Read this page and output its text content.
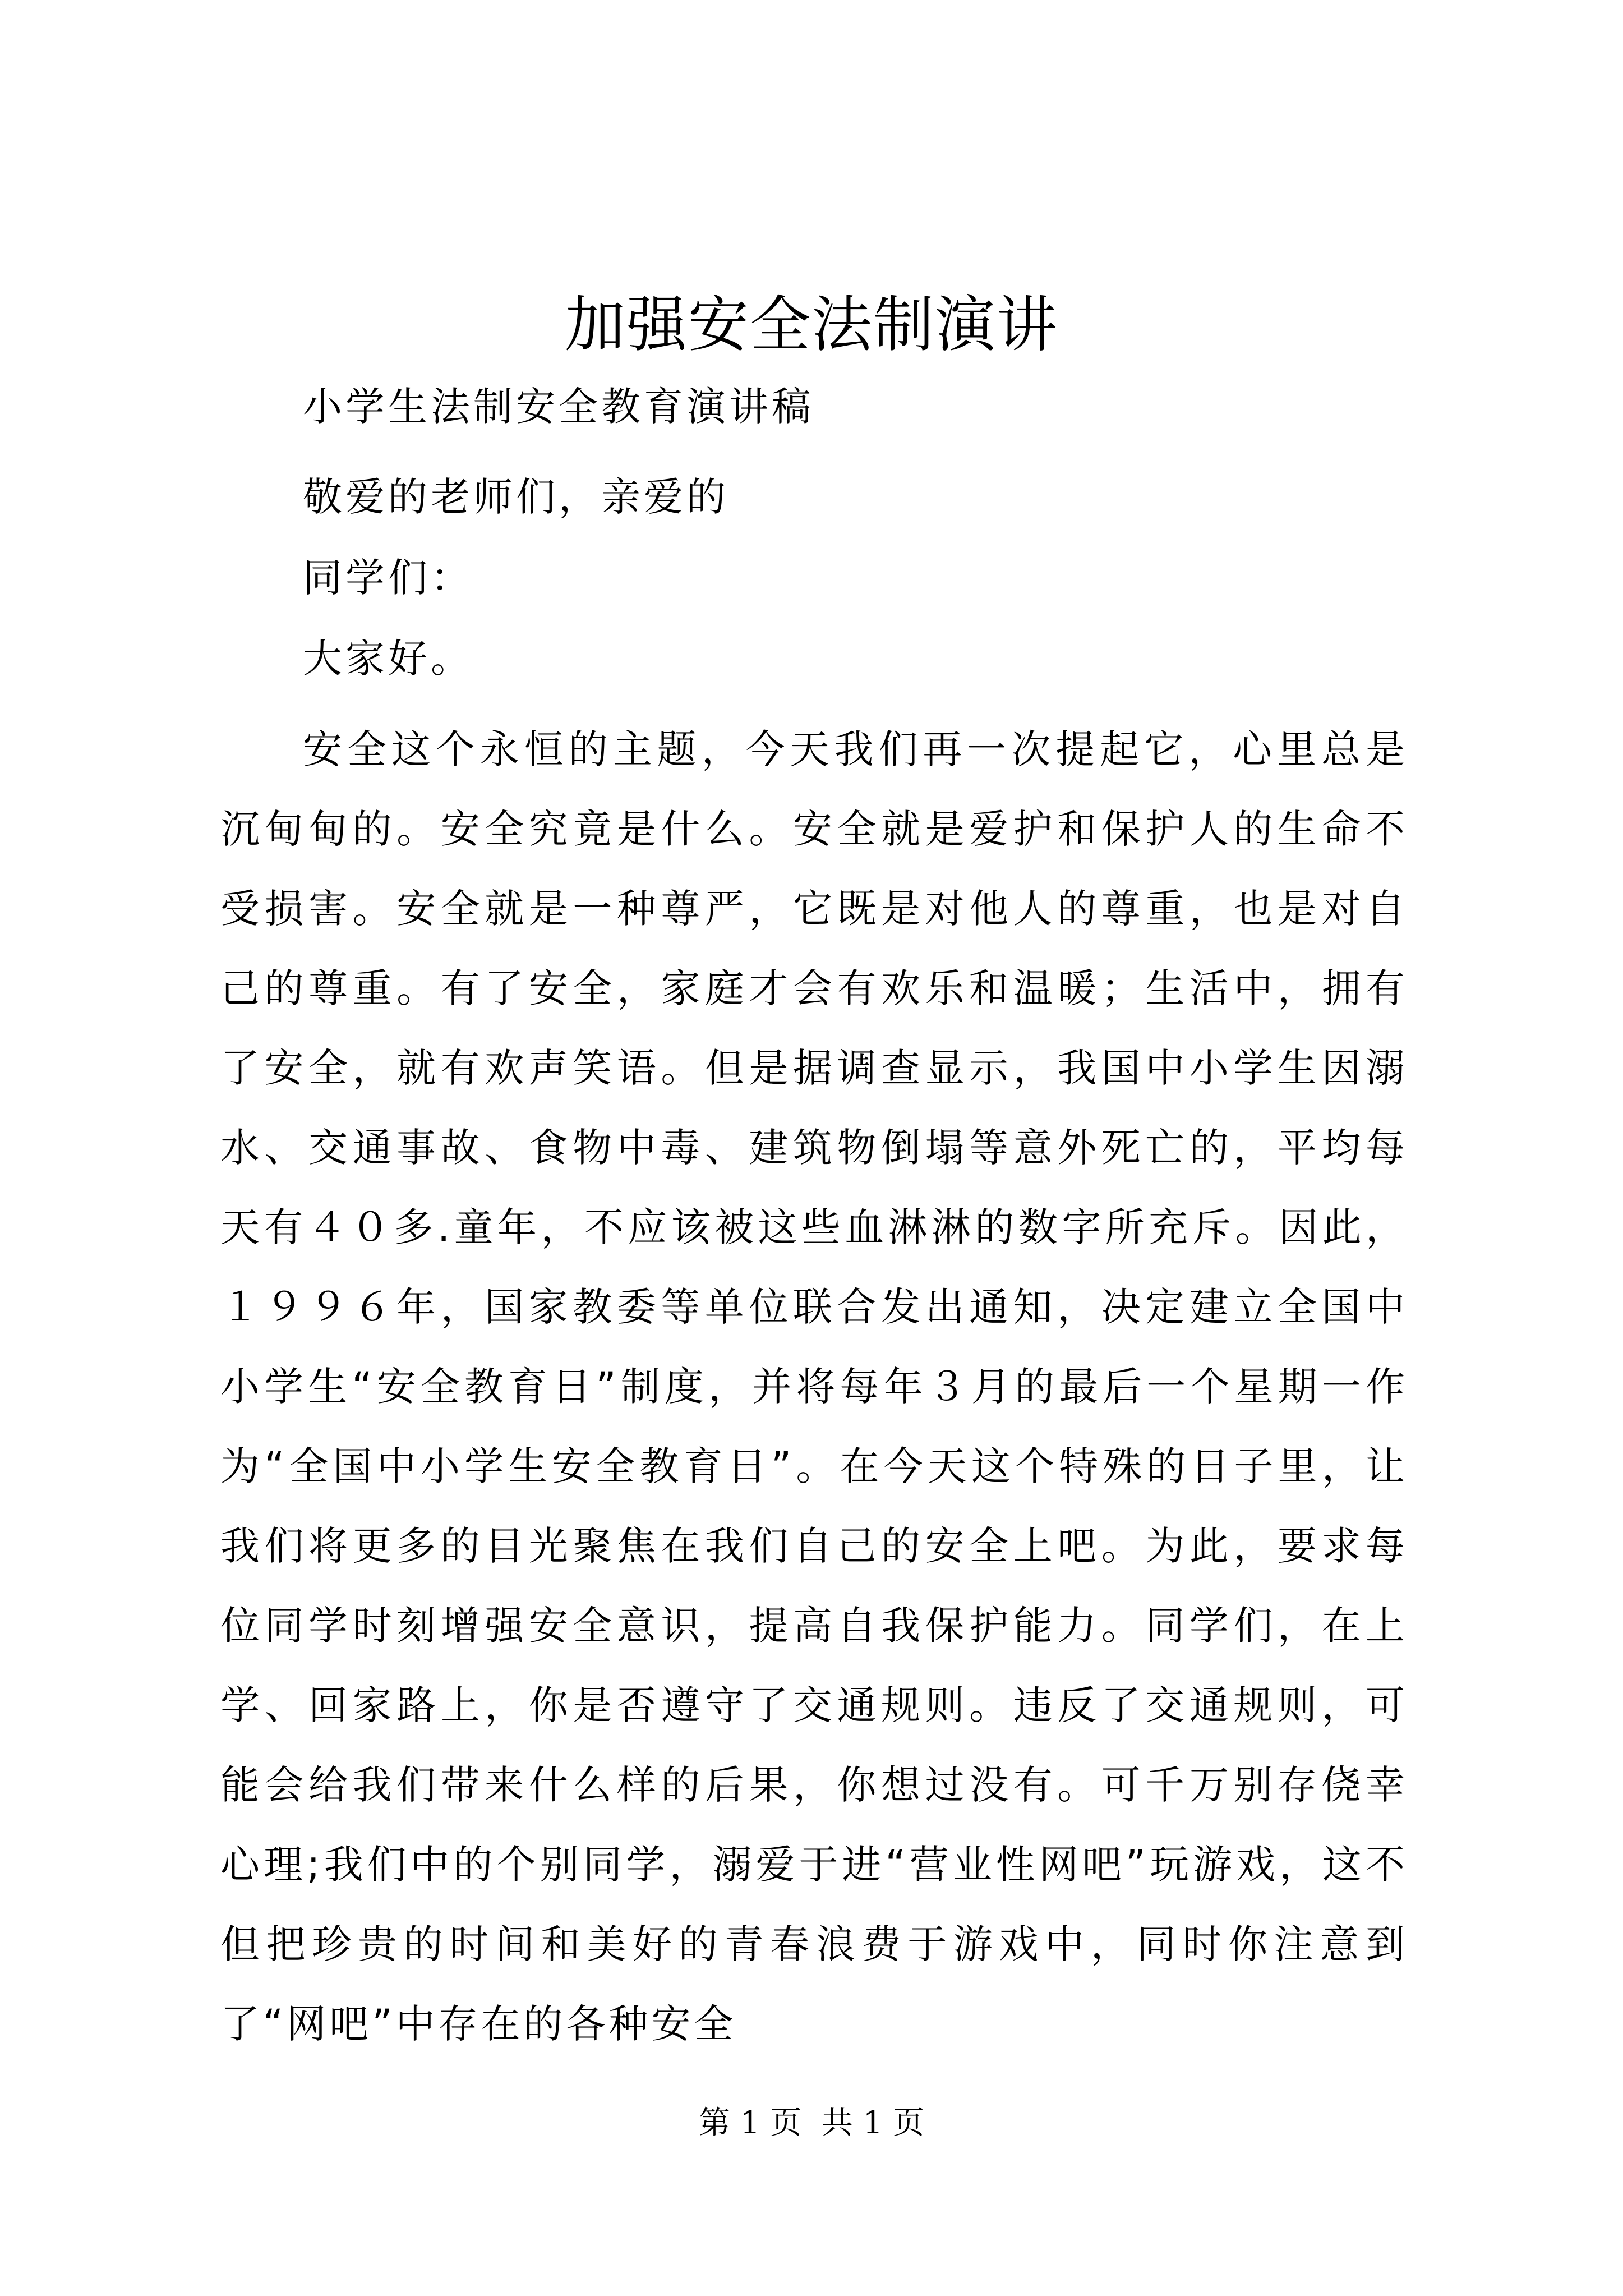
加强安全法制演讲
小学生法制安全教育演讲稿
敬爱的老师们，亲爱的
同学们：
大家好。

安全这个永恒的主题，今天我们再一次提起它，心里总是沉甸甸的。安全究竟是什么。安全就是爱护和保护人的生命不受损害。安全就是一种尊严，它既是对他人的尊重，也是对自己的尊重。有了安全，家庭才会有欢乐和温暖；生活中，拥有了安全，就有欢声笑语。但是据调查显示，我国中小学生因溺水、交通事故、食物中毒、建筑物倒塌等意外死亡的，平均每天有４０多.童年，不应该被这些血淋淋的数字所充斥。因此，１９９６年，国家教委等单位联合发出通知，决定建立全国中小学生“安全教育日”制度，并将每年３月的最后一个星期一作为“全国中小学生安全教育日”。在今天这个特殊的日子里，让我们将更多的目光聚焦在我们自己的安全上吧。为此，要求每位同学时刻增强安全意识，提高自我保护能力。同学们，在上学、回家路上，你是否遵守了交通规则。违反了交通规则，可能会给我们带来什么样的后果，你想过没有。可千万别存侥幸心理;我们中的个别同学，溺爱于进“营业性网吧”玩游戏，这不但把珍贵的时间和美好的青春浪费于游戏中，同时你注意到了“网吧”中存在的各种安全

第 1 页  共 1 页
